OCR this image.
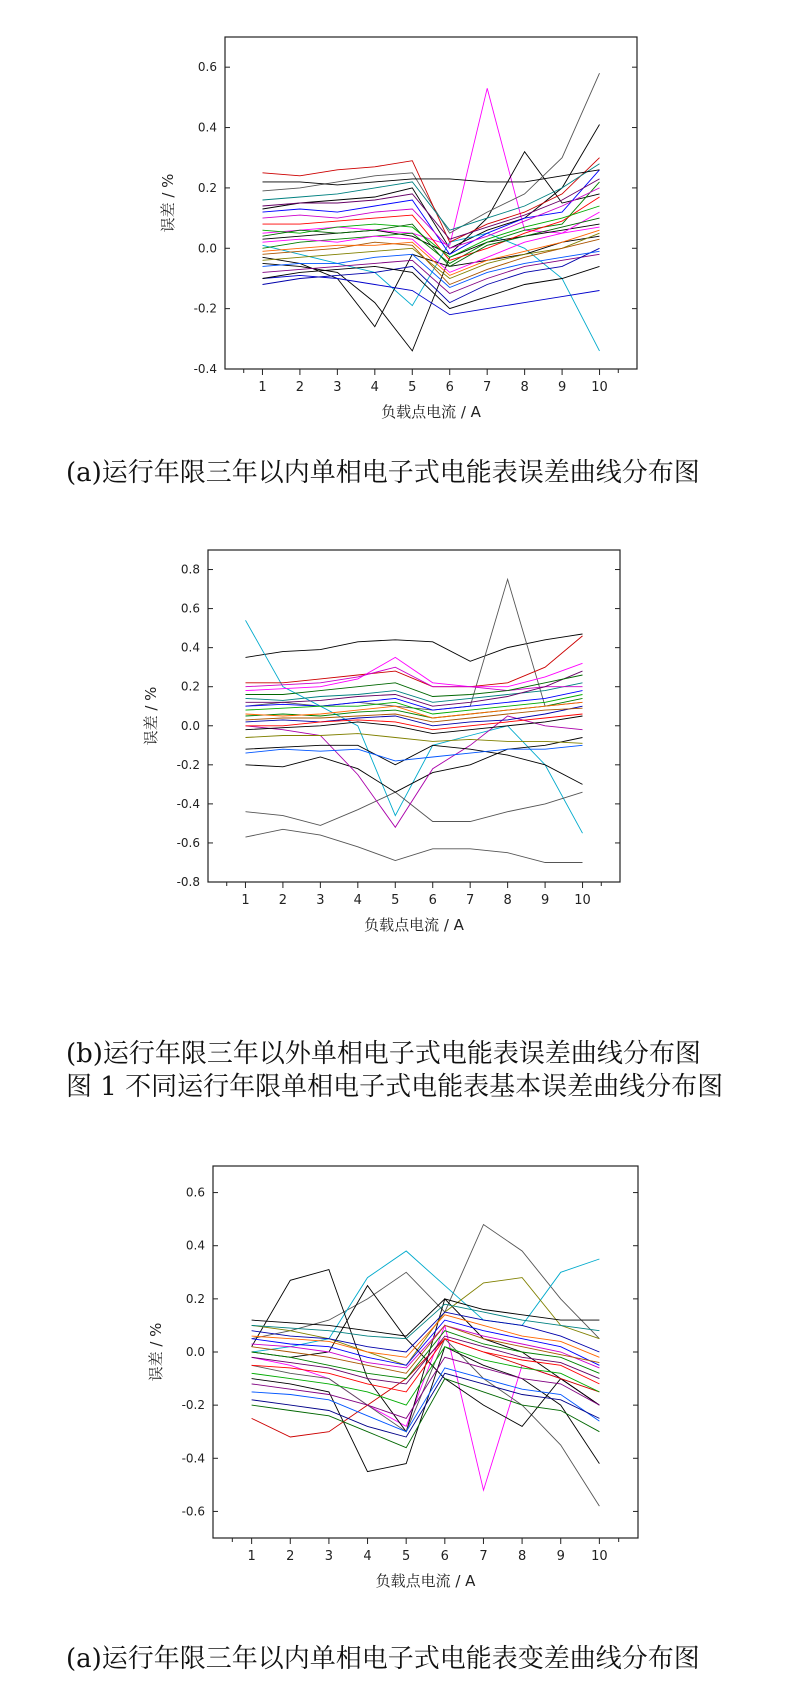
-0.4
-0.2
0.0
0.2
0.4
0.6
1 2 3 4 5 6 7 8 9 10
负载点电流 / A
误差 / %
(a)运行年限三年以内单相电子式电能表误差曲线分布图
-0.8
-0.6
-0.4
-0.2
0.0
0.2
0.4
0.6
0.8
1 2 3 4 5 6 7 8 9 10
负载点电流 / A
误差 / %
(b)运行年限三年以外单相电子式电能表误差曲线分布图
图 1 不同运行年限单相电子式电能表基本误差曲线分布图
-0.6
-0.4
-0.2
0.0
0.2
0.4
0.6
1 2 3 4 5 6 7 8 9 10
负载点电流 / A
误差 / %
(a)运行年限三年以内单相电子式电能表变差曲线分布图
